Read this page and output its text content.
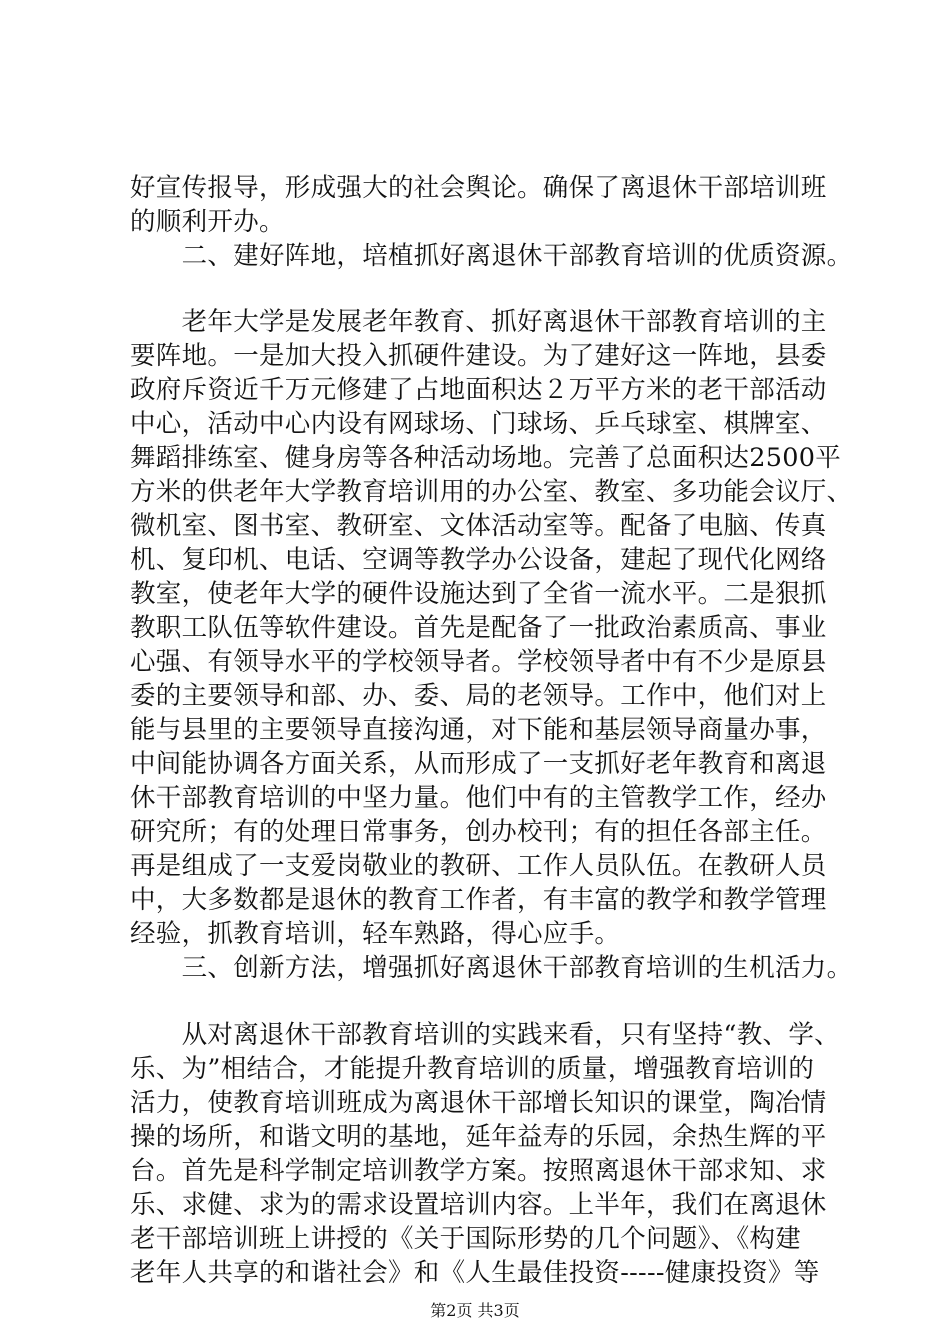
好宣传报导，形成强大的社会舆论。确保了离退休干部培训班
的顺利开办。
　　二、建好阵地，培植抓好离退休干部教育培训的优质资源。
　　老年大学是发展老年教育、抓好离退休干部教育培训的主
要阵地。一是加大投入抓硬件建设。为了建好这一阵地，县委
政府斥资近千万元修建了占地面积达２万平方米的老干部活动
中心，活动中心内设有网球场、门球场、乒乓球室、棋牌室、
舞蹈排练室、健身房等各种活动场地。完善了总面积达2500平
方米的供老年大学教育培训用的办公室、教室、多功能会议厅、
微机室、图书室、教研室、文体活动室等。配备了电脑、传真
机、复印机、电话、空调等教学办公设备，建起了现代化网络
教室，使老年大学的硬件设施达到了全省一流水平。二是狠抓
教职工队伍等软件建设。首先是配备了一批政治素质高、事业
心强、有领导水平的学校领导者。学校领导者中有不少是原县
委的主要领导和部、办、委、局的老领导。工作中，他们对上
能与县里的主要领导直接沟通，对下能和基层领导商量办事，
中间能协调各方面关系，从而形成了一支抓好老年教育和离退
休干部教育培训的中坚力量。他们中有的主管教学工作，经办
研究所；有的处理日常事务，创办校刊；有的担任各部主任。
再是组成了一支爱岗敬业的教研、工作人员队伍。在教研人员
中，大多数都是退休的教育工作者，有丰富的教学和教学管理
经验，抓教育培训，轻车熟路，得心应手。
　　三、创新方法，增强抓好离退休干部教育培训的生机活力。
　　从对离退休干部教育培训的实践来看，只有坚持“教、学、
乐、为”相结合，才能提升教育培训的质量，增强教育培训的
活力，使教育培训班成为离退休干部增长知识的课堂，陶冶情
操的场所，和谐文明的基地，延年益寿的乐园，余热生辉的平
台。首先是科学制定培训教学方案。按照离退休干部求知、求
乐、求健、求为的需求设置培训内容。上半年，我们在离退休
老干部培训班上讲授的《关于国际形势的几个问题》、《构建
老年人共享的和谐社会》和《人生最佳投资-----健康投资》等
第2页 共3页
